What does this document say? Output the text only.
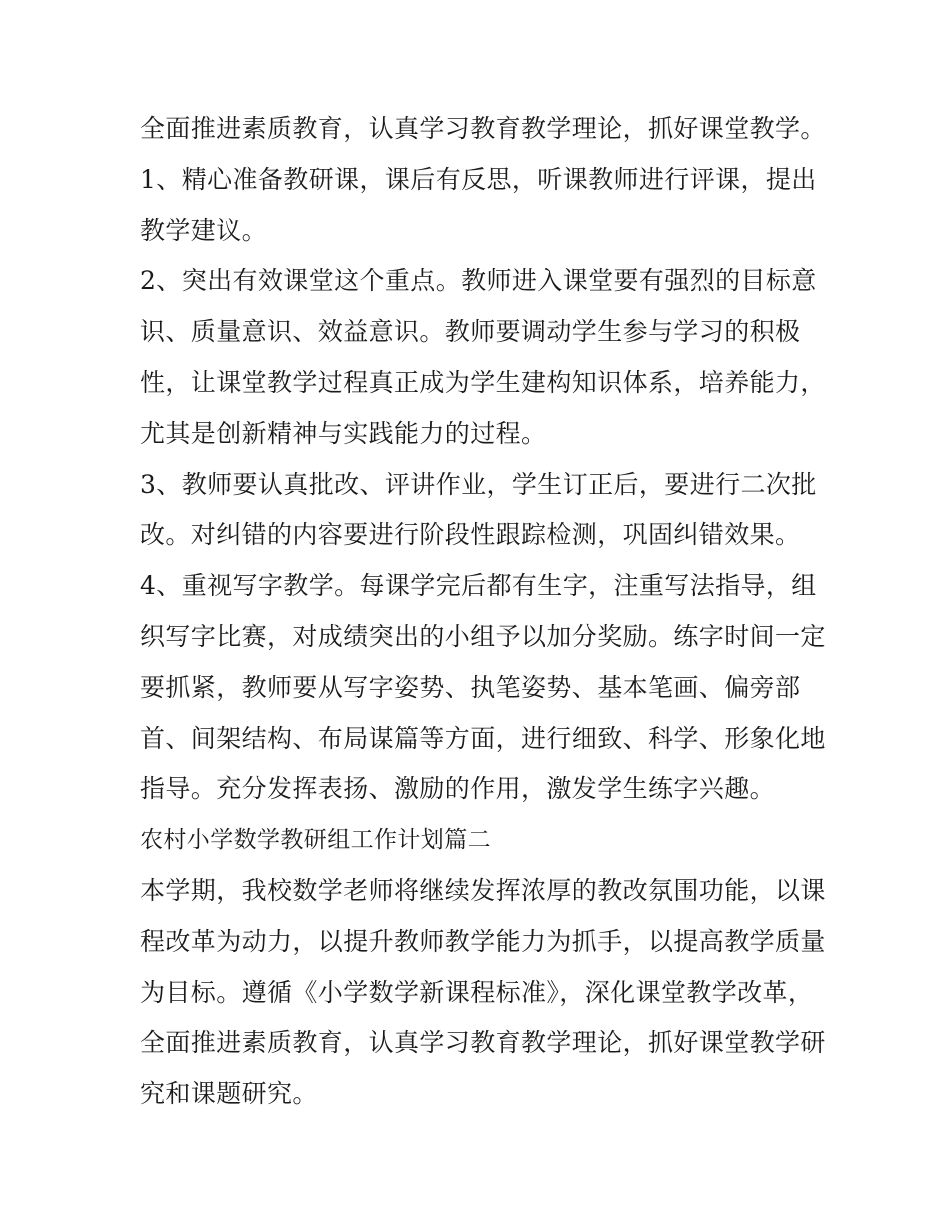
全面推进素质教育，认真学习教育教学理论，抓好课堂教学。
1、精心准备教研课，课后有反思，听课教师进行评课，提出
教学建议。
2、突出有效课堂这个重点。教师进入课堂要有强烈的目标意
识、质量意识、效益意识。教师要调动学生参与学习的积极
性，让课堂教学过程真正成为学生建构知识体系，培养能力，
尤其是创新精神与实践能力的过程。
3、教师要认真批改、评讲作业，学生订正后，要进行二次批
改。对纠错的内容要进行阶段性跟踪检测，巩固纠错效果。
4、重视写字教学。每课学完后都有生字，注重写法指导，组
织写字比赛，对成绩突出的小组予以加分奖励。练字时间一定
要抓紧，教师要从写字姿势、执笔姿势、基本笔画、偏旁部
首、间架结构、布局谋篇等方面，进行细致、科学、形象化地
指导。充分发挥表扬、激励的作用，激发学生练字兴趣。
农村小学数学教研组工作计划篇二
本学期，我校数学老师将继续发挥浓厚的教改氛围功能，以课
程改革为动力，以提升教师教学能力为抓手，以提高教学质量
为目标。遵循《小学数学新课程标准》，深化课堂教学改革，
全面推进素质教育，认真学习教育教学理论，抓好课堂教学研
究和课题研究。
